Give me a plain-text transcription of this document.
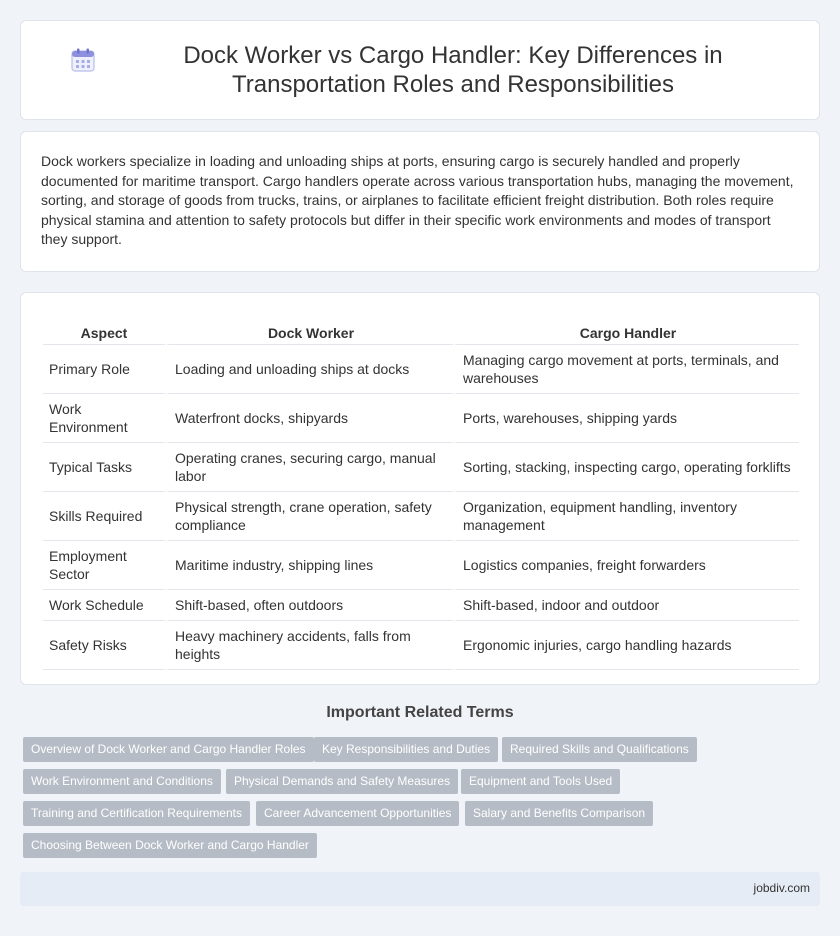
Dock Worker vs Cargo Handler: Key Differences in Transportation Roles and Responsibilities

Dock workers specialize in loading and unloading ships at ports, ensuring cargo is securely handled and properly documented for maritime transport. Cargo handlers operate across various transportation hubs, managing the movement, sorting, and storage of goods from trucks, trains, or airplanes to facilitate efficient freight distribution. Both roles require physical stamina and attention to safety protocols but differ in their specific work environments and modes of transport they support.

Aspect	Dock Worker	Cargo Handler
Primary Role	Loading and unloading ships at docks	Managing cargo movement at ports, terminals, and warehouses
Work Environment	Waterfront docks, shipyards	Ports, warehouses, shipping yards
Typical Tasks	Operating cranes, securing cargo, manual labor	Sorting, stacking, inspecting cargo, operating forklifts
Skills Required	Physical strength, crane operation, safety compliance	Organization, equipment handling, inventory management
Employment Sector	Maritime industry, shipping lines	Logistics companies, freight forwarders
Work Schedule	Shift-based, often outdoors	Shift-based, indoor and outdoor
Safety Risks	Heavy machinery accidents, falls from heights	Ergonomic injuries, cargo handling hazards
Important Related Terms
Overview of Dock Worker and Cargo Handler Roles	Key Responsibilities and Duties	Required Skills and Qualifications
Work Environment and Conditions	Physical Demands and Safety Measures	Equipment and Tools Used
Training and Certification Requirements	Career Advancement Opportunities	Salary and Benefits Comparison
Choosing Between Dock Worker and Cargo Handler
jobdiv.com
